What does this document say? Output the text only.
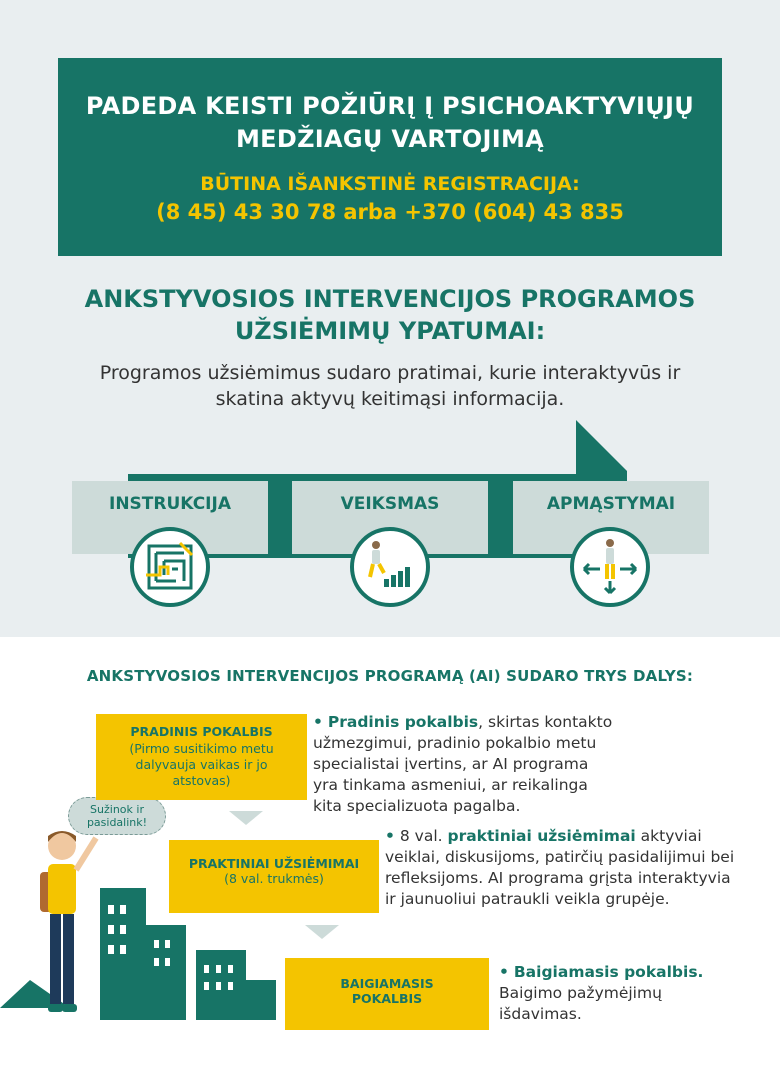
PADEDA KEISTI POŽIŪRĮ Į PSICHOAKTYVIŲJŲ
MEDŽIAGŲ VARTOJIMĄ
BŪTINA IŠANKSTINĖ REGISTRACIJA:
(8 45) 43 30 78 arba +370 (604) 43 835
ANKSTYVOSIOS INTERVENCIJOS PROGRAMOS
UŽSIĖMIMŲ YPATUMAI:
Programos užsiėmimus sudaro pratimai, kurie interaktyvūs ir
skatina aktyvų keitimąsi informacija.
INSTRUKCIJA	VEIKSMAS	APMĄSTYMAI
ANKSTYVOSIOS INTERVENCIJOS PROGRAMĄ (AI) SUDARO TRYS DALYS:
Sužinok ir
pasidalink!
PRADINIS POKALBIS
(Pirmo susitikimo metu dalyvauja vaikas ir jo atstovas)
• Pradinis pokalbis, skirtas kontakto užmezgimui, pradinio pokalbio metu specialistai įvertins, ar AI programa yra tinkama asmeniui, ar reikalinga kita specializuota pagalba.
PRAKTINIAI UŽSIĖMIMAI
(8 val. trukmės)
• 8 val. praktiniai užsiėmimai aktyviai veiklai, diskusijoms, patirčių pasidalijimui bei refleksijoms. AI programa grįsta interaktyvia ir jaunuoliui patraukli veikla grupėje.
BAIGIAMASIS
POKALBIS
• Baigiamasis pokalbis.
Baigimo pažymėjimų išdavimas.
